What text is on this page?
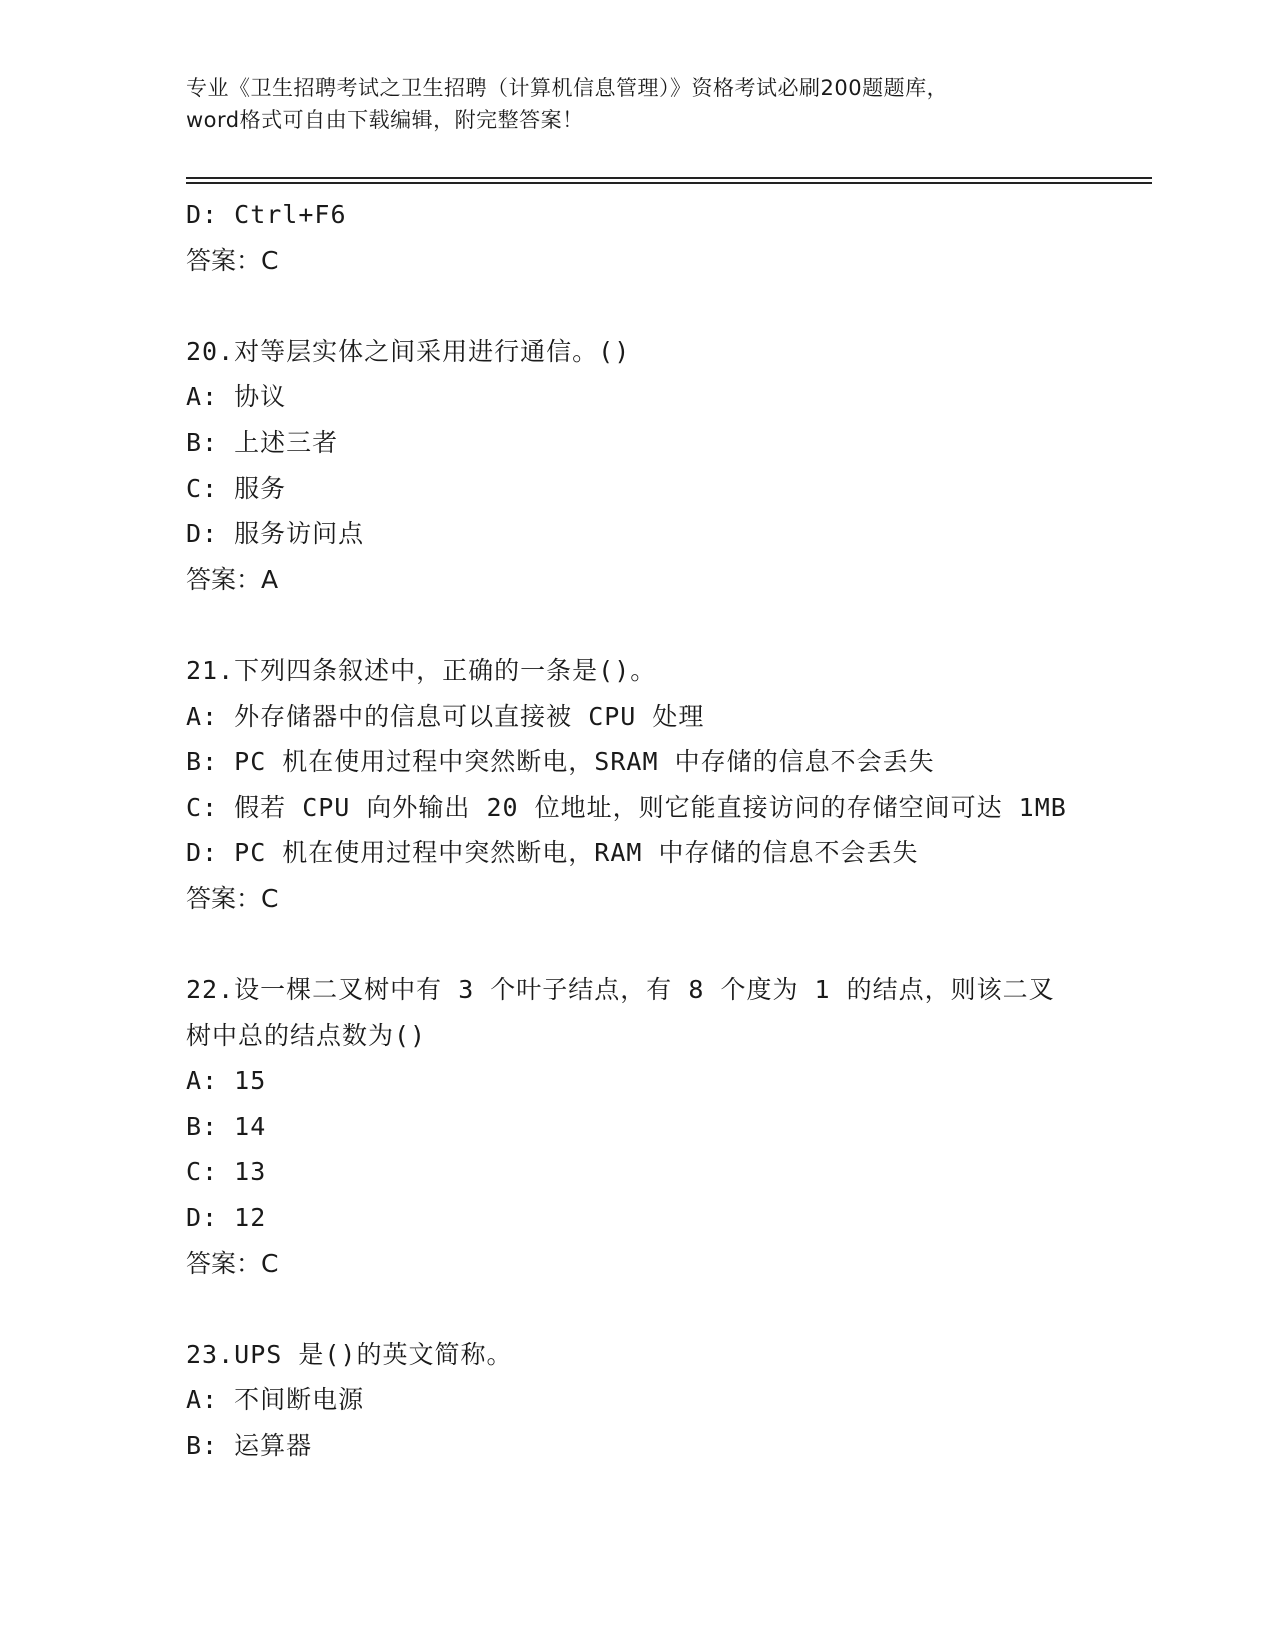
专业《卫生招聘考试之卫生招聘（计算机信息管理）》资格考试必刷200题题库，
word格式可自由下载编辑，附完整答案！
D: Ctrl+F6
答案：C
20.对等层实体之间采用进行通信。()
A: 协议
B: 上述三者
C: 服务
D: 服务访问点
答案：A
21.下列四条叙述中，正确的一条是()。
A: 外存储器中的信息可以直接被 CPU 处理
B: PC 机在使用过程中突然断电，SRAM 中存储的信息不会丢失
C: 假若 CPU 向外输出 20 位地址，则它能直接访问的存储空间可达 1MB
D: PC 机在使用过程中突然断电，RAM 中存储的信息不会丢失
答案：C
22.设一棵二叉树中有 3 个叶子结点，有 8 个度为 1 的结点，则该二叉
树中总的结点数为()
A: 15
B: 14
C: 13
D: 12
答案：C
23.UPS 是()的英文简称。
A: 不间断电源
B: 运算器
